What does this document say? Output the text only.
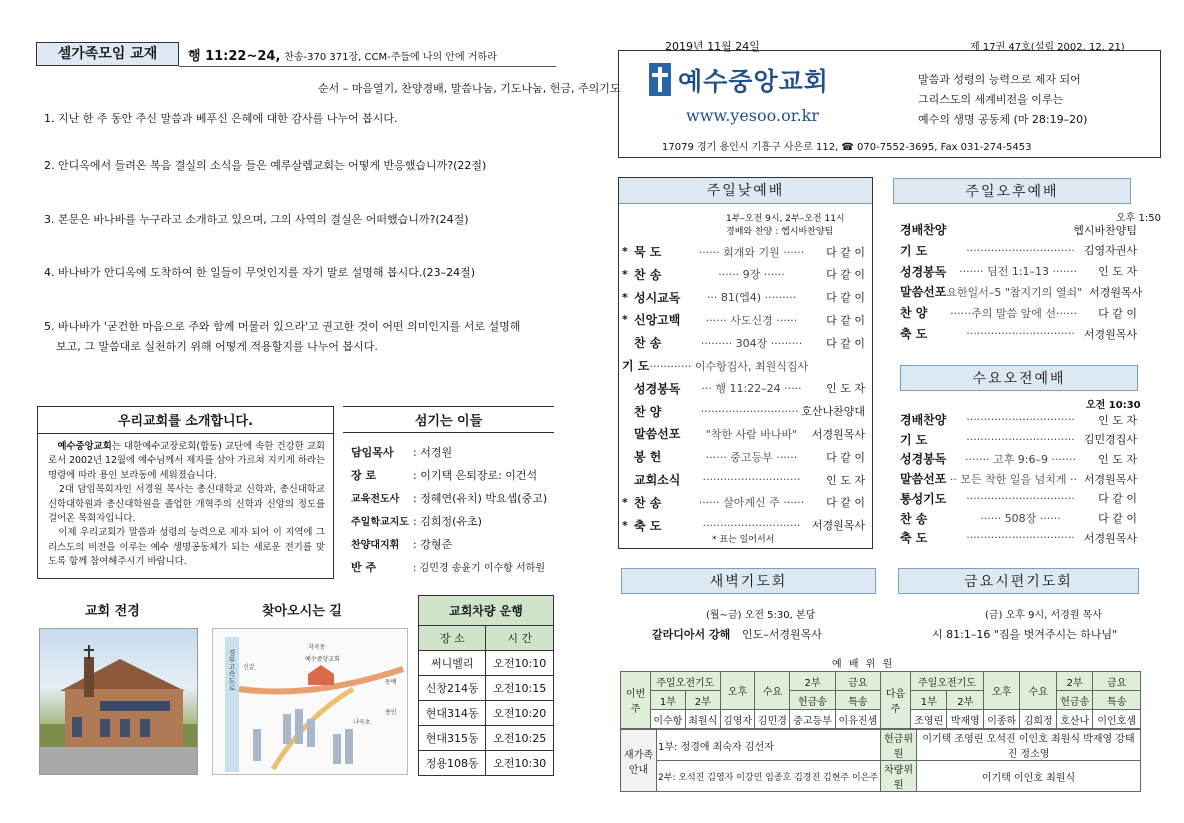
셀가족모임 교재	행 11:22~24, 찬송-370 371장, CCM-주들에 나의 안에 거하라
순서 – 마음열기, 찬양경배, 말씀나눔, 기도나눔, 헌금, 주의기도
1. 지난 한 주 동안 주신 말씀과 베푸신 은혜에 대한 감사를 나누어 봅시다.
2. 안디옥에서 들려온 복음 결실의 소식을 들은 예루살렘교회는 어떻게 반응했습니까?(22절)
3. 본문은 바나바를 누구라고 소개하고 있으며, 그의 사역의 결실은 어떠했습니까?(24절)
4. 바나바가 안디옥에 도착하여 한 일들이 무엇인지를 자기 말로 설명해 봅시다.(23–24절)
5. 바나바가 '굳건한 마음으로 주와 함께 머물러 있으라'고 권고한 것이 어떤 의미인지를 서로 설명해
보고, 그 말씀대로 실천하기 위해 어떻게 적용할지를 나누어 봅시다.
우리교회를 소개합니다.

예수중앙교회는 대한예수교장로회(합동) 교단에 속한 건강한 교회로서 2002년 12월에 예수님께서 제자를 삼아 가르쳐 지키게 하라는 명령에 따라 용인 보라동에 세워졌습니다.
2대 담임목회자인 서경원 목사는 총신대학교 신학과, 총신대학교 신학대학원과 총신대학원을 졸업한 개혁주의 신학과 신앙의 정도를 걸어온 목회자입니다.
이제 우리교회가 말씀과 성령의 능력으로 제자 되어 이 지역에 그리스도의 비전을 이루는 예수 생명공동체가 되는 새로운 전기를 맞도록 함께 참여해주시기 바랍니다.

섬기는 이들
담임목사	: 서경원
장 로	: 이기택 은퇴장로: 이건석
교육전도사	: 정혜연(유치) 박요셉(중고)
주일학교지도 : 김희정(유초)
찬양대지휘	: 강형준
반 주	: 김민경 송윤기 이수항 서하원
교회 전경	찾아오시는 길
경부고속도로	예수중앙교회
신갈
나곡초
동백
용인
지곡동
교회차량 운행	
장 소	시 간
써니벨리	오전10:10
신창214동	오전10:15
현대314동	오전10:20
현대315동	오전10:25
정용108동	오전10:30
2019년 11월 24일	제 17권 47호(설립 2002. 12. 21)
예수중앙교회
www.yesoo.or.kr
말씀과 성령의 능력으로 제자 되어
그리스도의 세계비전을 이루는
예수의 생명 공동체 (마 28:19–20)
17079 경기 용인시 기흥구 사은로 112, ☎ 070-7552-3695, Fax 031-274-5453
주일낮예배
1부–오전 9시, 2부–오전 11시
경배와 찬양 : 헵시바찬양팀
* 묵 도	······ 회개와 기원 ······	다 같 이
* 찬 송	······ 9장 ······	다 같 이
* 성시교독	··· 81(엡4) ·········	다 같 이
* 신앙고백	······ 사도신경 ······	다 같 이
찬 송	········· 304장 ·········	다 같 이
기 도 ············ 이수항집사, 최원식집사
성경봉독	··· 행 11:22–24 ·····	인 도 자
찬 양	···························· 호산나찬양대
말씀선포	"착한 사람 바나바"	서경원목사
봉 헌	······ 중고등부 ······	다 같 이
교회소식	····························	인 도 자
* 찬 송	······ 살아계신 주 ······	다 같 이
* 축 도	····························	서경원목사
* 표는 일어서서
주일오후예배
오후 1:50
경배찬양	헵시바찬양팀
기 도	······························· 김영자권사
성경봉독	······· 딤전 1:1–13 ·······	인 도 자
말씀선포 요한일서–5 "참지기의 열쇠" 서경원목사
찬 양	······주의 말씀 앞에 선······	다 같 이
축 도	······························· 서경원목사
수요오전예배
오전 10:30
경배찬양	·······························	인 도 자
기 도	······························· 김민경집사
성경봉독	······· 고후 9:6–9 ·······	인 도 자
말씀선포 ·· 모든 착한 일을 넘치게 ·· 서경원목사
통성기도	·······························	다 같 이
찬 송	······ 508장 ······	다 같 이
축 도	······························· 서경원목사
새벽기도회
(월∼금) 오전 5:30, 본당
갈라디아서 강해 인도–서경원목사
금요시편기도회
(금) 오후 9시, 서경원 목사
시 81:1–16 "짐을 벗겨주시는 하나님"
예 배 위 원
이번주	주일오전기도		오후	수요	2부	금요
	1부	2부			헌금송	특송
	이수항	최원식	김영자	김민경	중고등부	이유진셈
다음주	주일오전기도		오후	수요	2부	금요
	1부	2부			헌금송	특송
	조영린	박재영	이종하	김희정	호산나	이인호셈
새가족 안내	1부: 정경애 최숙자 김선자	헌금위원	이기택 조영린 오석진 이인호 최원식 박재영 강태진 정소영
	2부: 오석진 김영자 이강민 임종호 김경진 김현주 이은주	차량위원	이기택 이인호 최원식
